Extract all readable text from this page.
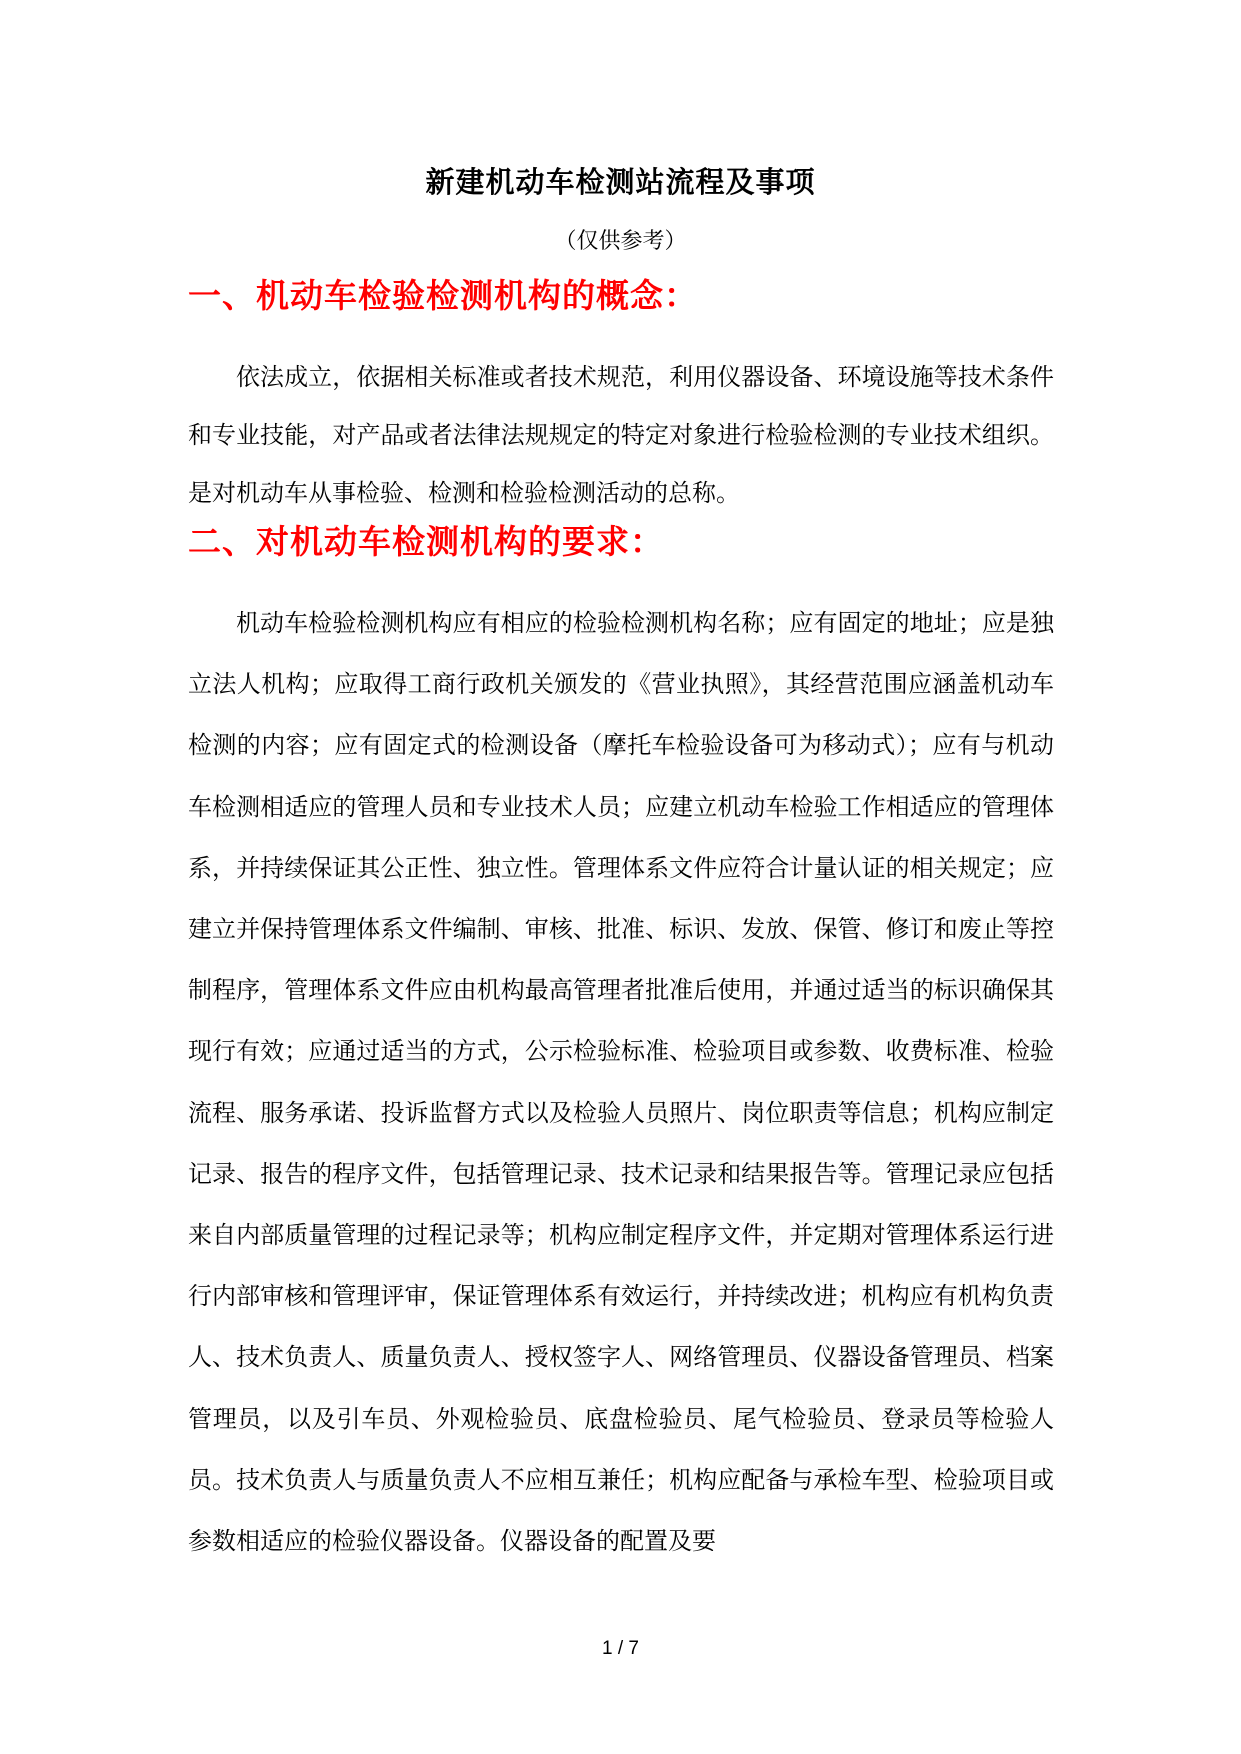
新建机动车检测站流程及事项
（仅供参考）
一、机动车检验检测机构的概念：

依法成立，依据相关标准或者技术规范，利用仪器设备、环境设施等技术条件和专业技能，对产品或者法律法规规定的特定对象进行检验检测的专业技术组织。是对机动车从事检验、检测和检验检测活动的总称。

二、对机动车检测机构的要求：

机动车检验检测机构应有相应的检验检测机构名称；应有固定的地址；应是独立法人机构；应取得工商行政机关颁发的《营业执照》，其经营范围应涵盖机动车检测的内容；应有固定式的检测设备（摩托车检验设备可为移动式）；应有与机动车检测相适应的管理人员和专业技术人员；应建立机动车检验工作相适应的管理体系，并持续保证其公正性、独立性。管理体系文件应符合计量认证的相关规定；应建立并保持管理体系文件编制、审核、批准、标识、发放、保管、修订和废止等控制程序，管理体系文件应由机构最高管理者批准后使用，并通过适当的标识确保其现行有效；应通过适当的方式，公示检验标准、检验项目或参数、收费标准、检验流程、服务承诺、投诉监督方式以及检验人员照片、岗位职责等信息；机构应制定记录、报告的程序文件，包括管理记录、技术记录和结果报告等。管理记录应包括来自内部质量管理的过程记录等；机构应制定程序文件，并定期对管理体系运行进行内部审核和管理评审，保证管理体系有效运行，并持续改进；机构应有机构负责人、技术负责人、质量负责人、授权签字人、网络管理员、仪器设备管理员、档案管理员，以及引车员、外观检验员、底盘检验员、尾气检验员、登录员等检验人员。技术负责人与质量负责人不应相互兼任；机构应配备与承检车型、检验项目或参数相适应的检验仪器设备。仪器设备的配置及要

1 / 7
